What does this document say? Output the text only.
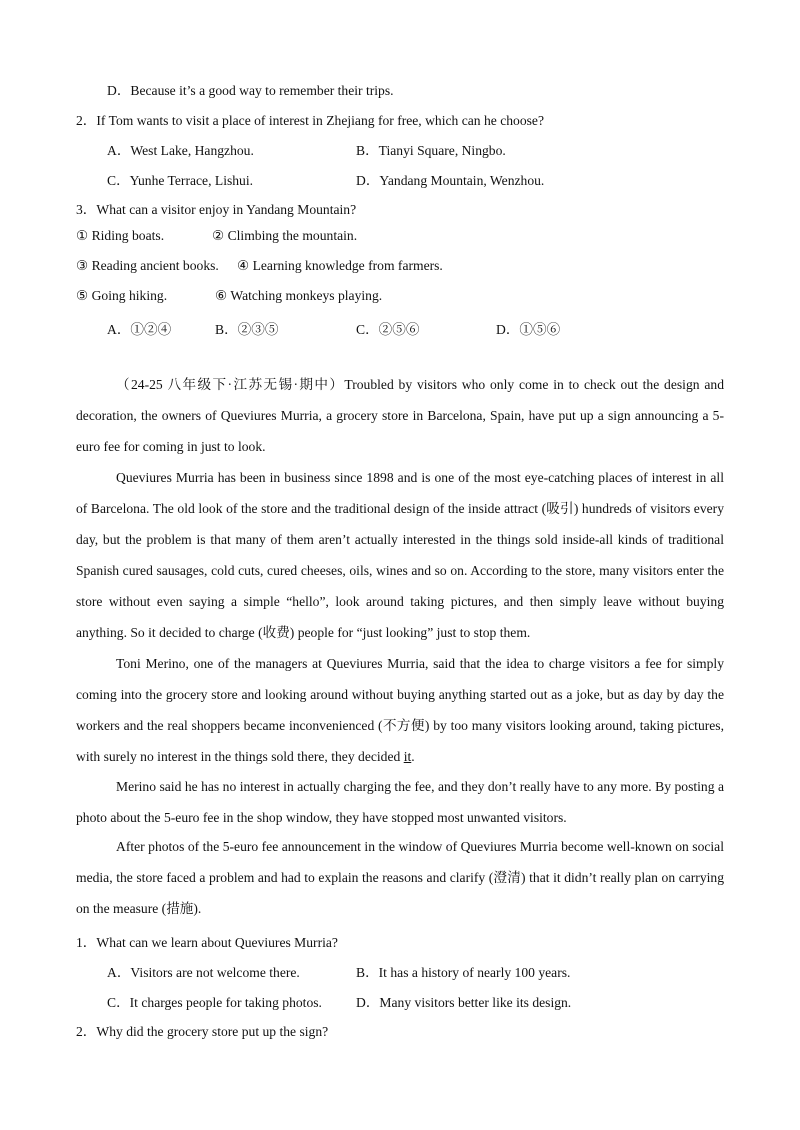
D．Because it’s a good way to remember their trips.
2．If Tom wants to visit a place of interest in Zhejiang for free, which can he choose?
A．West Lake, Hangzhou.	B．Tianyi Square, Ningbo.
C．Yunhe Terrace, Lishui.	D．Yandang Mountain, Wenzhou.
3．What can a visitor enjoy in Yandang Mountain?
① Riding boats.	② Climbing the mountain.
③ Reading ancient books. ④ Learning knowledge from farmers.
⑤ Going hiking.	⑥ Watching monkeys playing.
A．①②④	B．②③⑤	C．②⑤⑥	D．①⑤⑥
（24-25 八年级下·江苏无锡·期中）Troubled by visitors who only come in to check out the design and decoration, the owners of Queviures Murria, a grocery store in Barcelona, Spain, have put up a sign announcing a 5-euro fee for coming in just to look.
Queviures Murria has been in business since 1898 and is one of the most eye-catching places of interest in all of Barcelona. The old look of the store and the traditional design of the inside attract (吸引) hundreds of visitors every day, but the problem is that many of them aren’t actually interested in the things sold inside-all kinds of traditional Spanish cured sausages, cold cuts, cured cheeses, oils, wines and so on. According to the store, many visitors enter the store without even saying a simple “hello”, look around taking pictures, and then simply leave without buying anything. So it decided to charge (收费) people for “just looking” just to stop them.
Toni Merino, one of the managers at Queviures Murria, said that the idea to charge visitors a fee for simply coming into the grocery store and looking around without buying anything started out as a joke, but as day by day the workers and the real shoppers became inconvenienced (不方便) by too many visitors looking around, taking pictures, with surely no interest in the things sold there, they decided it.
Merino said he has no interest in actually charging the fee, and they don’t really have to any more. By posting a photo about the 5-euro fee in the shop window, they have stopped most unwanted visitors.
After photos of the 5-euro fee announcement in the window of Queviures Murria become well-known on social media, the store faced a problem and had to explain the reasons and clarify (澄清) that it didn’t really plan on carrying on the measure (措施).
1．What can we learn about Queviures Murria?
A．Visitors are not welcome there.	B．It has a history of nearly 100 years.
C．It charges people for taking photos.	D．Many visitors better like its design.
2．Why did the grocery store put up the sign?
